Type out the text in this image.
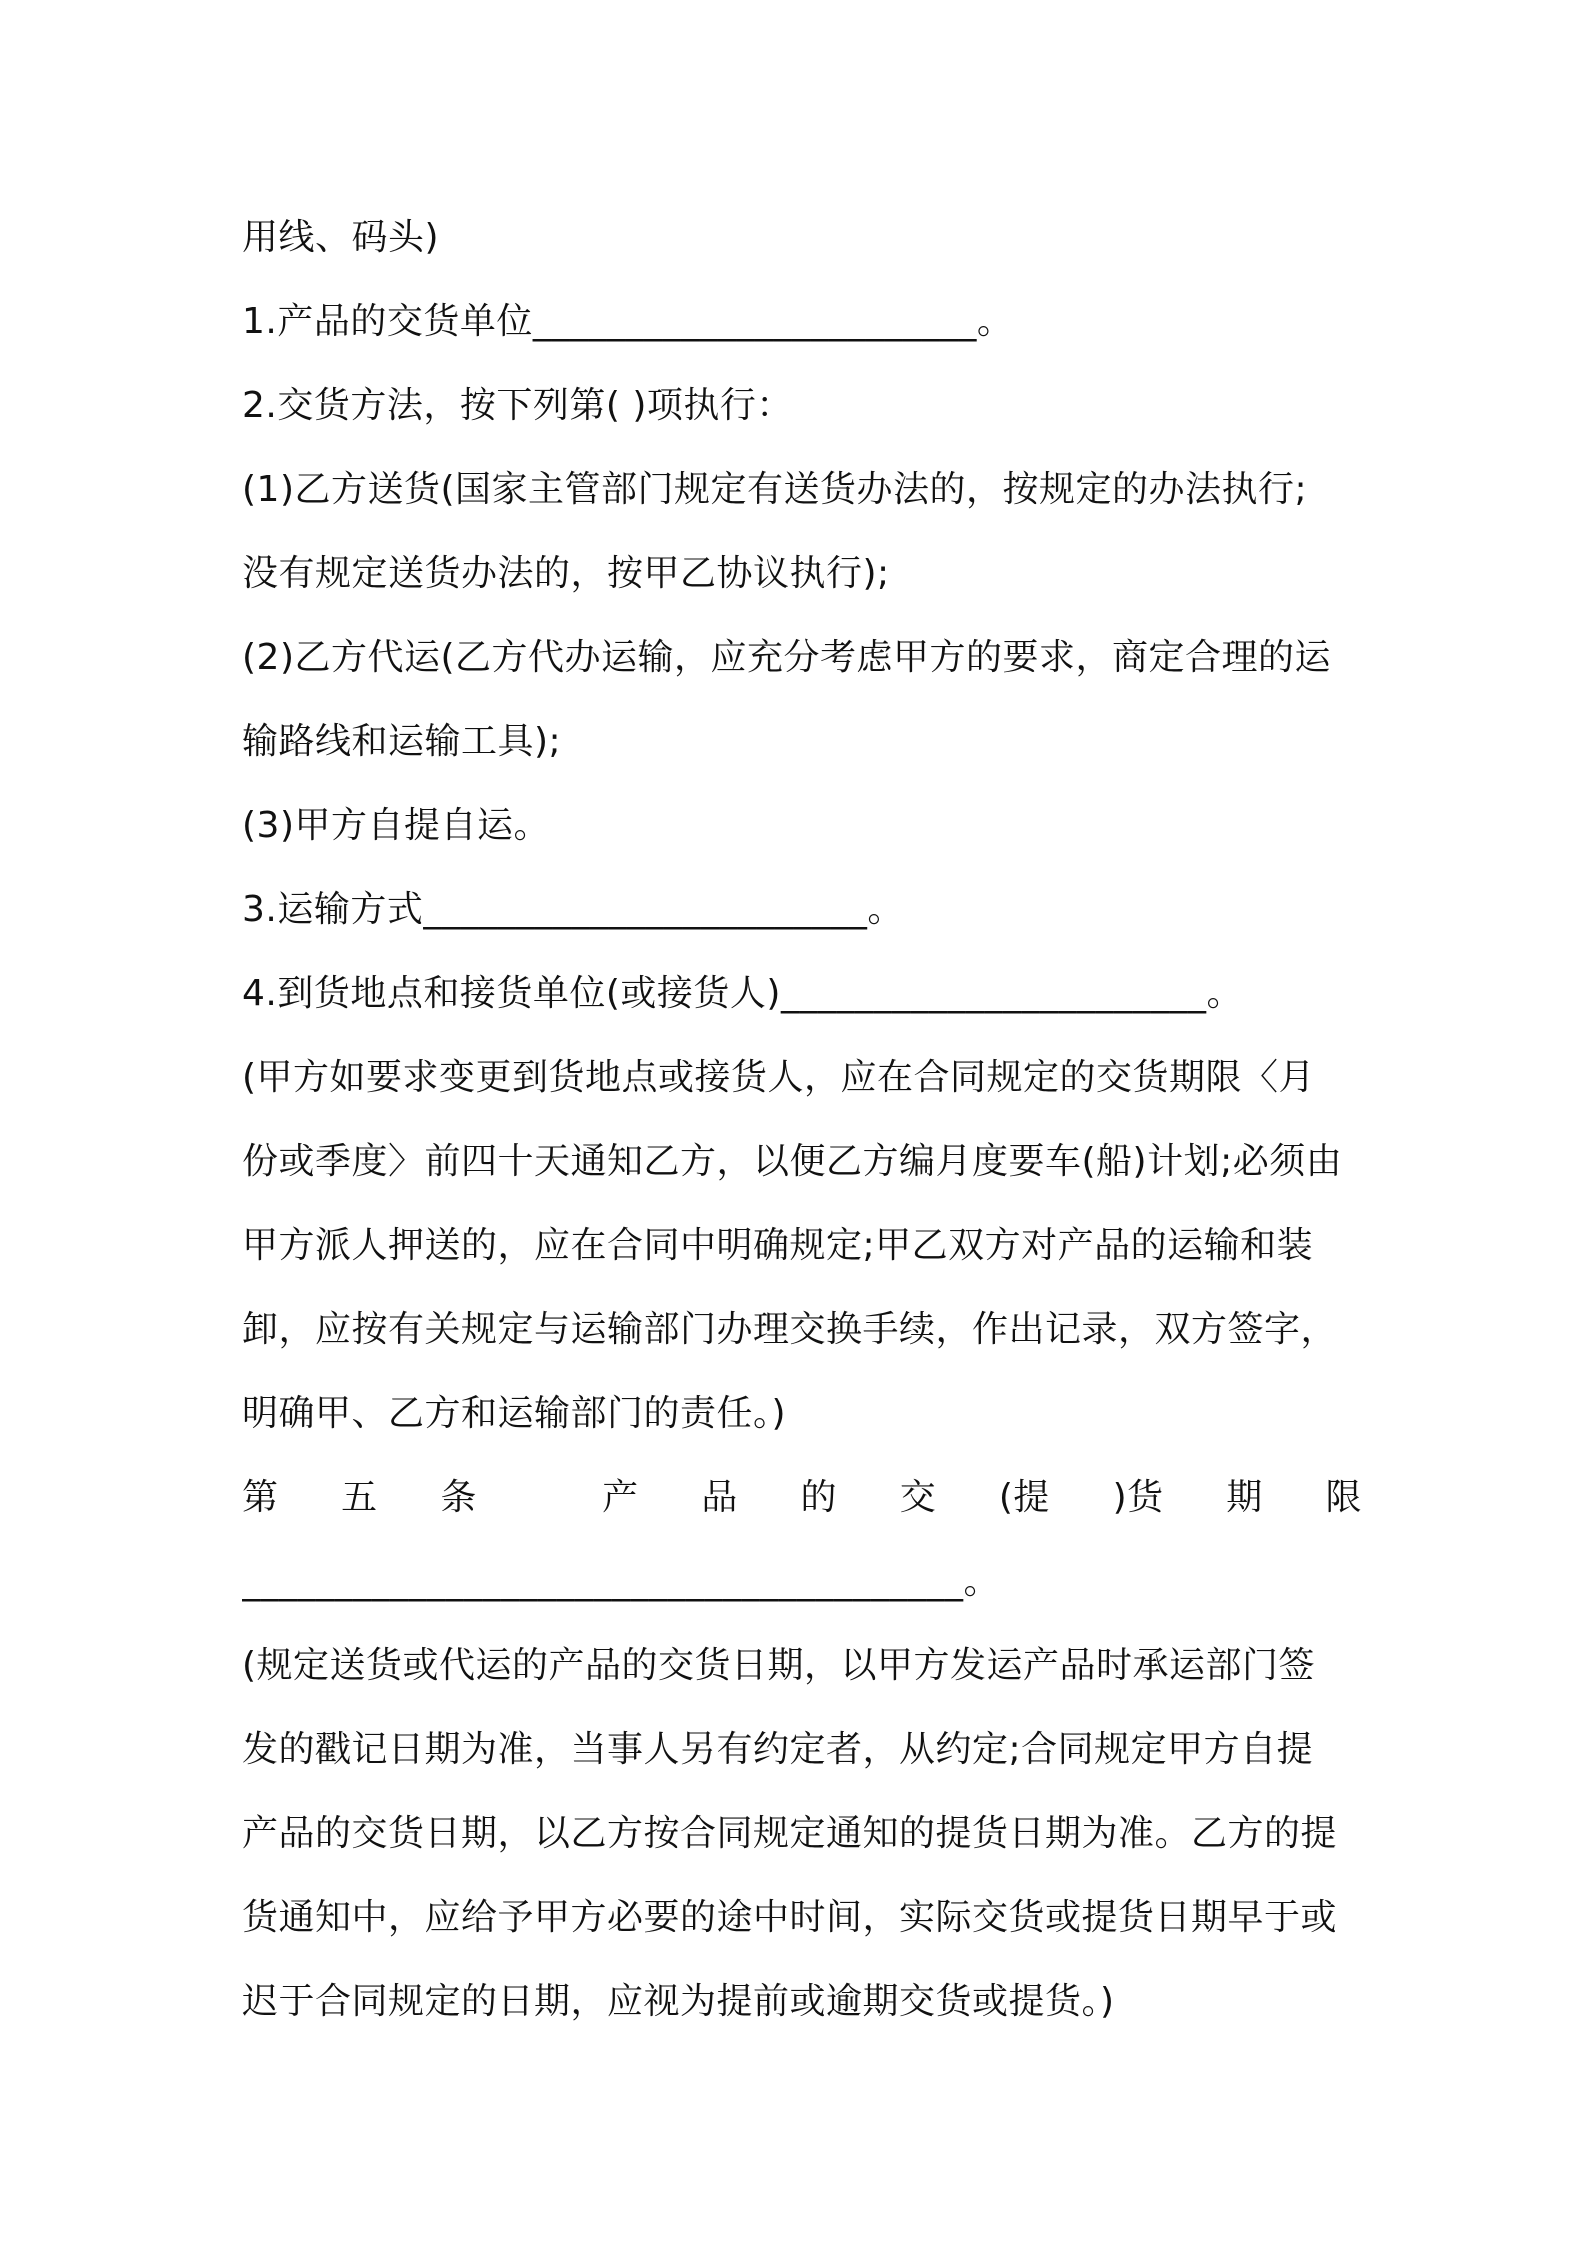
用线、码头)
1.产品的交货单位________________________。
2.交货方法，按下列第( )项执行：
(1)乙方送货(国家主管部门规定有送货办法的，按规定的办法执行;
没有规定送货办法的，按甲乙协议执行);
(2)乙方代运(乙方代办运输，应充分考虑甲方的要求，商定合理的运
输路线和运输工具);
(3)甲方自提自运。
3.运输方式________________________。
4.到货地点和接货单位(或接货人)_______________________。
(甲方如要求变更到货地点或接货人，应在合同规定的交货期限〈月
份或季度〉前四十天通知乙方，以便乙方编月度要车(船)计划;必须由
甲方派人押送的，应在合同中明确规定;甲乙双方对产品的运输和装
卸，应按有关规定与运输部门办理交换手续，作出记录，双方签字，
明确甲、乙方和运输部门的责任。)
第 五 条	产 品 的 交 (提 )货 期 限
_______________________________________。
(规定送货或代运的产品的交货日期，以甲方发运产品时承运部门签
发的戳记日期为准，当事人另有约定者，从约定;合同规定甲方自提
产品的交货日期，以乙方按合同规定通知的提货日期为准。乙方的提
货通知中，应给予甲方必要的途中时间，实际交货或提货日期早于或
迟于合同规定的日期，应视为提前或逾期交货或提货。)
